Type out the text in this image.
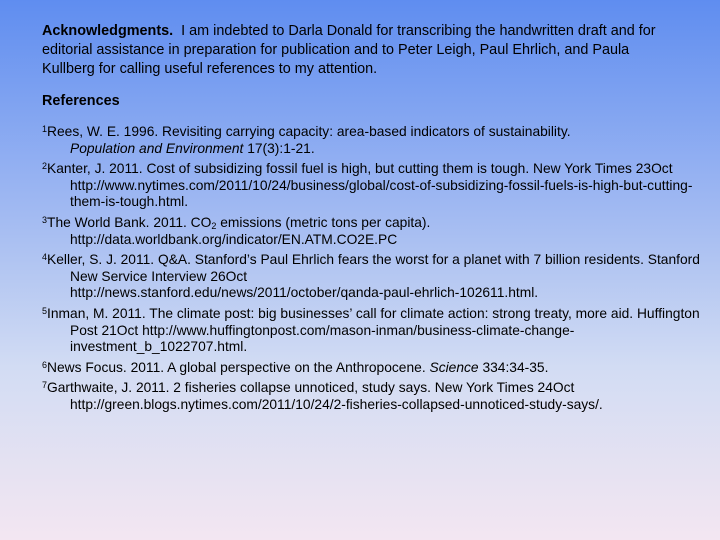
Acknowledgments. I am indebted to Darla Donald for transcribing the handwritten draft and for editorial assistance in preparation for publication and to Peter Leigh, Paul Ehrlich, and Paula Kullberg for calling useful references to my attention.

References
$^1$Rees, W. E. 1996. Revisiting carrying capacity: area-based indicators of sustainability.
Population and Environment 17(3):1-21.
$^2$Kanter, J. 2011. Cost of subsidizing fossil fuel is high, but cutting them is tough. New York Times 23Oct http://www.nytimes.com/2011/10/24/business/global/cost-of-subsidizing-fossil-fuels-is-high-but-cutting-them-is-tough.html.
$^3$The World Bank. 2011. $CO_2$ emissions (metric tons per capita).
http://data.worldbank.org/indicator/EN.ATM.CO2E.PC
$^4$Keller, S. J. 2011. Q&A. Stanford’s Paul Ehrlich fears the worst for a planet with 7 billion residents. Stanford New Service Interview 26Oct
http://news.stanford.edu/news/2011/october/qanda-paul-ehrlich-102611.html.
$^5$Inman, M. 2011. The climate post: big businesses’ call for climate action: strong treaty, more aid. Huffington Post 21Oct http://www.huffingtonpost.com/mason-inman/business-climate-change-investment_b_1022707.html.
$^6$News Focus. 2011. A global perspective on the Anthropocene. Science 334:34-35.
$^7$Garthwaite, J. 2011. 2 fisheries collapse unnoticed, study says. New York Times 24Oct
http://green.blogs.nytimes.com/2011/10/24/2-fisheries-collapsed-unnoticed-study-says/.
